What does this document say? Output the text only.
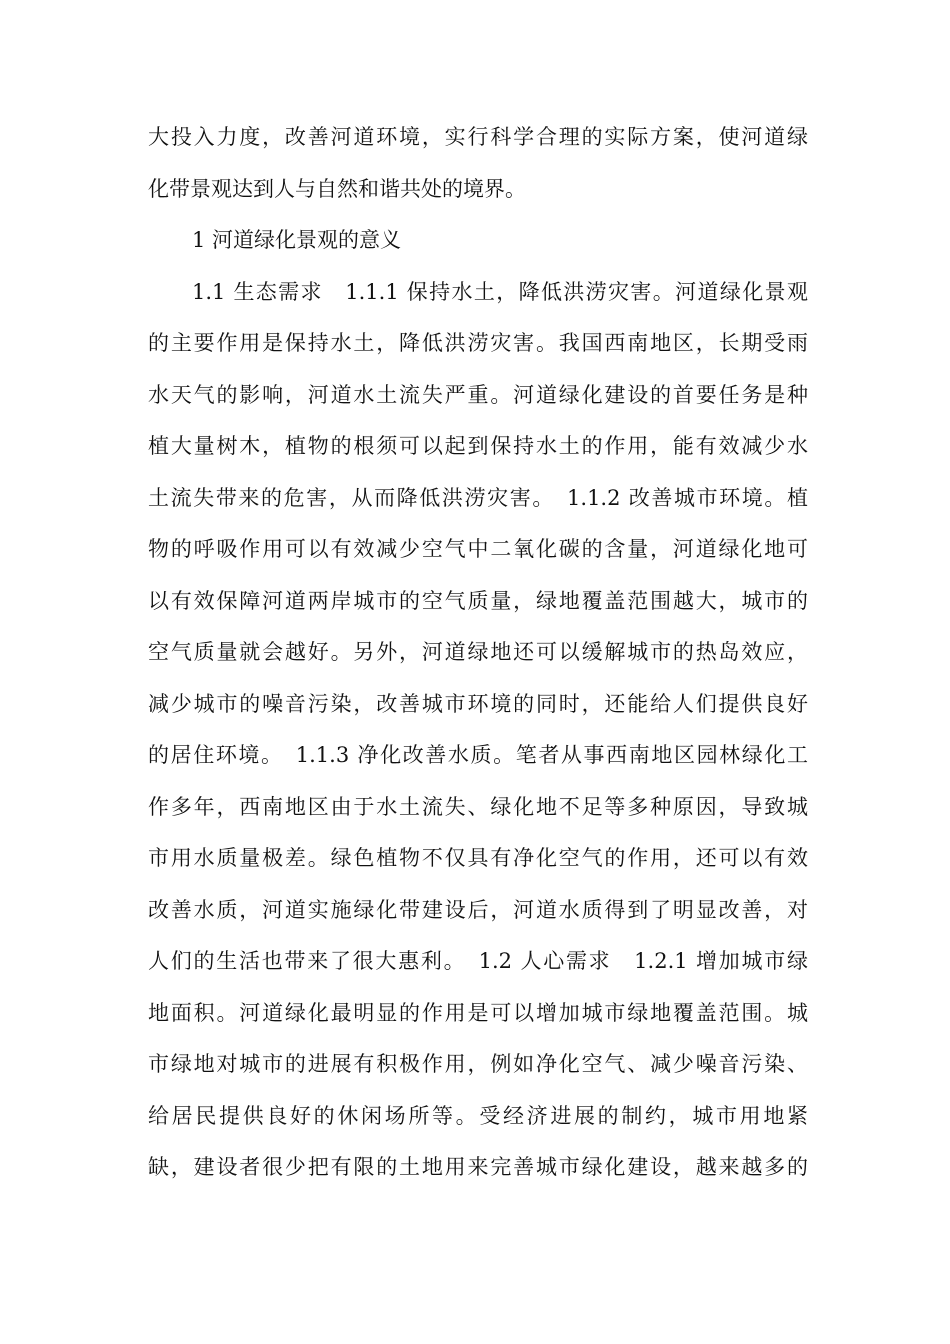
大投入力度，改善河道环境，实行科学合理的实际方案，使河道绿
化带景观达到人与自然和谐共处的境界。
1 河道绿化景观的意义
1.1 生态需求　1.1.1 保持水土，降低洪涝灾害。河道绿化景观
的主要作用是保持水土，降低洪涝灾害。我国西南地区，长期受雨
水天气的影响，河道水土流失严重。河道绿化建设的首要任务是种
植大量树木，植物的根须可以起到保持水土的作用，能有效减少水
土流失带来的危害，从而降低洪涝灾害。　1.1.2 改善城市环境。植
物的呼吸作用可以有效减少空气中二氧化碳的含量，河道绿化地可
以有效保障河道两岸城市的空气质量，绿地覆盖范围越大，城市的
空气质量就会越好。另外，河道绿地还可以缓解城市的热岛效应，
减少城市的噪音污染，改善城市环境的同时，还能给人们提供良好
的居住环境。　1.1.3 净化改善水质。笔者从事西南地区园林绿化工
作多年，西南地区由于水土流失、绿化地不足等多种原因，导致城
市用水质量极差。绿色植物不仅具有净化空气的作用，还可以有效
改善水质，河道实施绿化带建设后，河道水质得到了明显改善，对
人们的生活也带来了很大惠利。　1.2 人心需求　1.2.1 增加城市绿
地面积。河道绿化最明显的作用是可以增加城市绿地覆盖范围。城
市绿地对城市的进展有积极作用，例如净化空气、减少噪音污染、
给居民提供良好的休闲场所等。受经济进展的制约，城市用地紧
缺，建设者很少把有限的土地用来完善城市绿化建设，越来越多的
